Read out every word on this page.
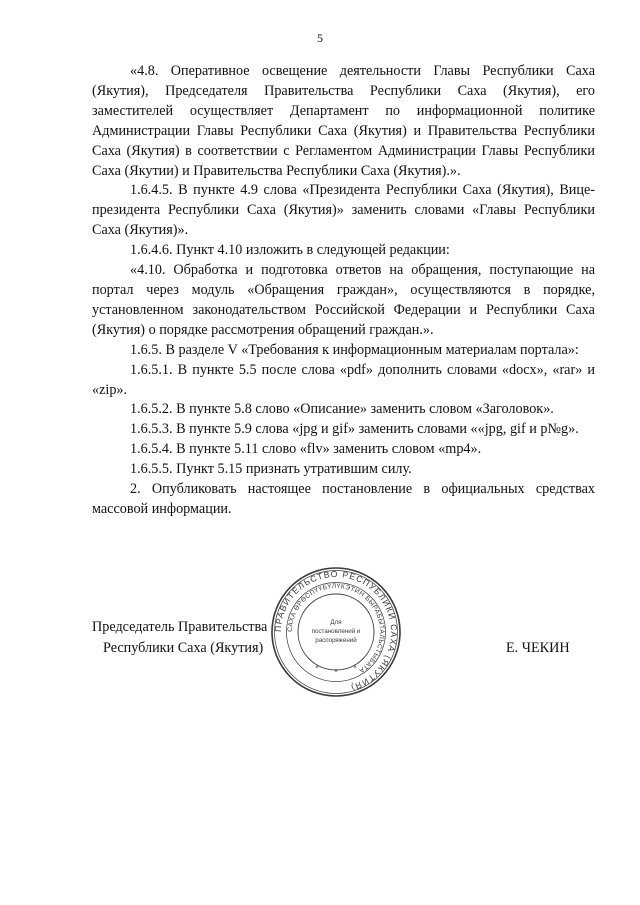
5

«4.8. Оперативное освещение деятельности Главы Республики Саха (Якутия), Председателя Правительства Республики Саха (Якутия), его заместителей осуществляет Департамент по информационной политике Администрации Главы Республики Саха (Якутия) и Правительства Республики Саха (Якутия) в соответствии с Регламентом Администрации Главы Республики Саха (Якутии) и Правительства Республики Саха (Якутия).».

1.6.4.5. В пункте 4.9 слова «Президента Республики Саха (Якутия), Вице-президента Республики Саха (Якутия)» заменить словами «Главы Республики Саха (Якутия)».

1.6.4.6. Пункт 4.10 изложить в следующей редакции:

«4.10. Обработка и подготовка ответов на обращения, поступающие на портал через модуль «Обращения граждан», осуществляются в порядке, установленном законодательством Российской Федерации и Республики Саха (Якутия) о порядке рассмотрения обращений граждан.».

1.6.5. В разделе V «Требования к информационным материалам портала»:

1.6.5.1. В пункте 5.5 после слова «pdf» дополнить словами «docx», «rar» и «zip».

1.6.5.2. В пункте 5.8 слово «Описание» заменить словом «Заголовок».

1.6.5.3. В пункте 5.9 слова «jpg и gif» заменить словами ««jpg, gif и p№g».

1.6.5.4. В пункте 5.11 слово «flv» заменить словом «mp4».

1.6.5.5. Пункт 5.15 признать утратившим силу.

2. Опубликовать настоящее постановление в официальных средствах массовой информации.

Председатель Правительства
Республики Саха (Якутия)	Е. ЧЕКИН
ПРАВИТЕЛЬСТВО РЕСПУБЛИКИ САХА (ЯКУТИЯ)
САХА ӨРӨСПҮҮБҮЛҮКЭТИН БЫРАБЫТАЛЬСТЫБАТА
Для
постановлений и
распоряжений
* * *
